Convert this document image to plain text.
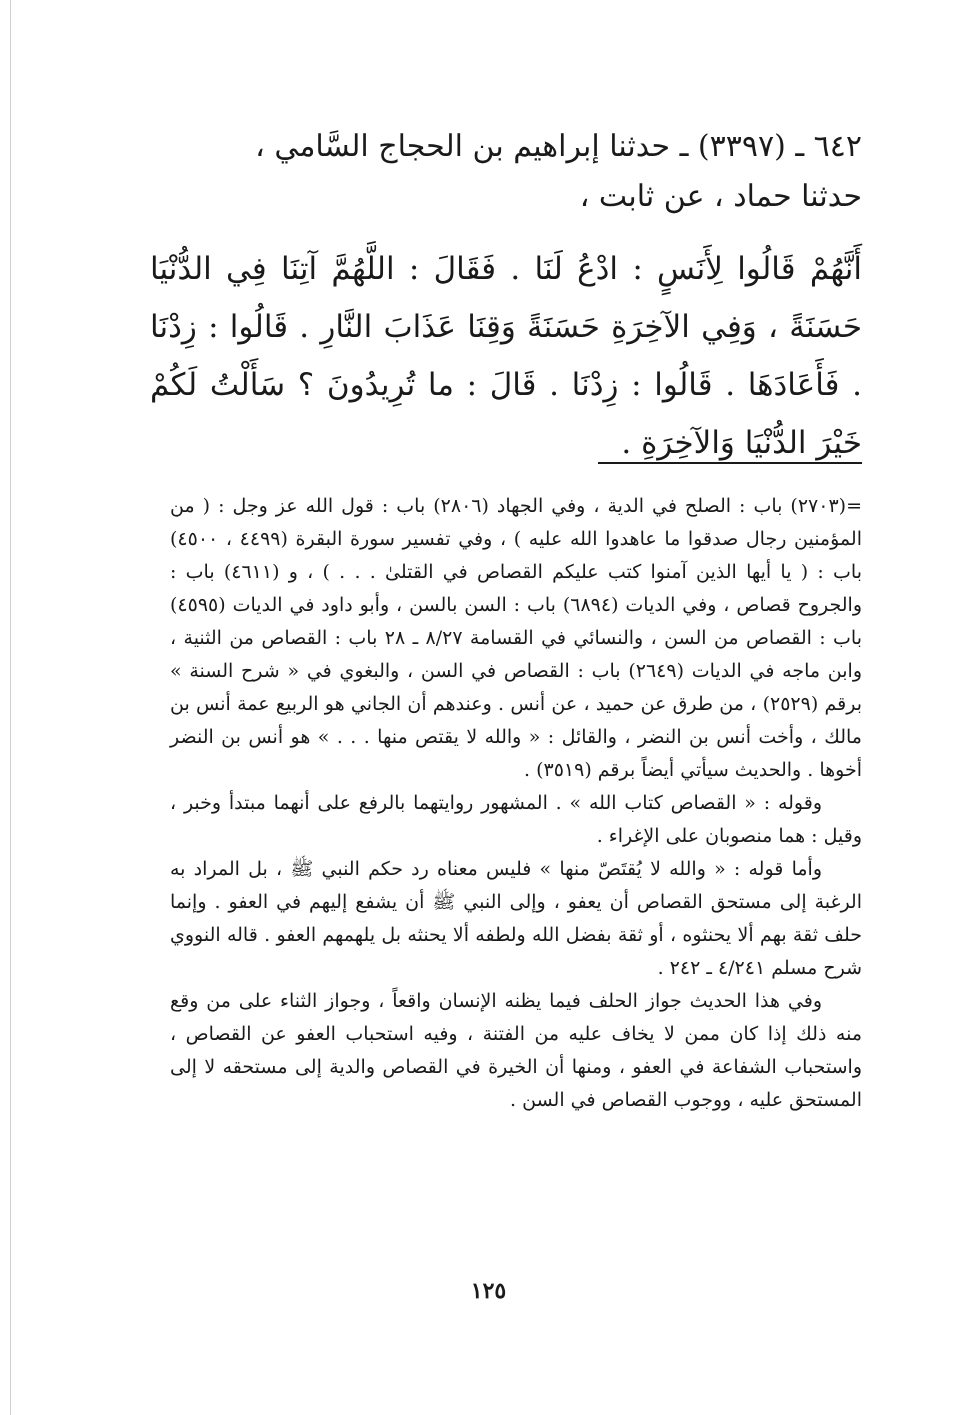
٦٤٢ ـ (٣٣٩٧) ـ حدثنا إبراهيم بن الحجاج السَّامي ،
حدثنا حماد ، عن ثابت ،
أَنَّهُمْ قَالُوا لِأَنَسٍ : ادْعُ لَنَا . فَقَالَ : اللَّهُمَّ آتِنَا فِي الدُّنْيَا حَسَنَةً ، وَفِي الآخِرَةِ حَسَنَةً وَقِنَا عَذَابَ النَّارِ . قَالُوا : زِدْنَا . فَأَعَادَهَا . قَالُوا : زِدْنَا . قَالَ : ما تُرِيدُونَ ؟ سَأَلْتُ لَكُمْ خَيْرَ الدُّنْيَا وَالآخِرَةِ .

=(٢٧٠٣) باب : الصلح في الدية ، وفي الجهاد (٢٨٠٦) باب : قول الله عز وجل : ( من المؤمنين رجال صدقوا ما عاهدوا الله عليه ) ، وفي تفسير سورة البقرة (٤٤٩٩ ، ٤٥٠٠) باب : ( يا أيها الذين آمنوا كتب عليكم القصاص في القتلىٰ . . . ) ، و (٤٦١١) باب : والجروح قصاص ، وفي الديات (٦٨٩٤) باب : السن بالسن ، وأبو داود في الديات (٤٥٩٥) باب : القصاص من السن ، والنسائي في القسامة ٨/٢٧ ـ ٢٨ باب : القصاص من الثنية ، وابن ماجه في الديات (٢٦٤٩) باب : القصاص في السن ، والبغوي في « شرح السنة » برقم (٢٥٢٩) ، من طرق عن حميد ، عن أنس . وعندهم أن الجاني هو الربيع عمة أنس بن مالك ، وأخت أنس بن النضر ، والقائل : « والله لا يقتص منها . . . » هو أنس بن النضر أخوها . والحديث سيأتي أيضاً برقم (٣٥١٩) .

وقوله : « القصاص كتاب الله » . المشهور روايتهما بالرفع على أنهما مبتدأ وخبر ، وقيل : هما منصوبان على الإغراء .

وأما قوله : « والله لا يُقتَصّ منها » فليس معناه رد حكم النبي ﷺ ، بل المراد به الرغبة إلى مستحق القصاص أن يعفو ، وإلى النبي ﷺ أن يشفع إليهم في العفو . وإنما حلف ثقة بهم ألا يحنثوه ، أو ثقة بفضل الله ولطفه ألا يحنثه بل يلهمهم العفو . قاله النووي شرح مسلم ٤/٢٤١ ـ ٢٤٢ .

وفي هذا الحديث جواز الحلف فيما يظنه الإنسان واقعاً ، وجواز الثناء على من وقع منه ذلك إذا كان ممن لا يخاف عليه من الفتنة ، وفيه استحباب العفو عن القصاص ، واستحباب الشفاعة في العفو ، ومنها أن الخيرة في القصاص والدية إلى مستحقه لا إلى المستحق عليه ، ووجوب القصاص في السن .

١٢٥
